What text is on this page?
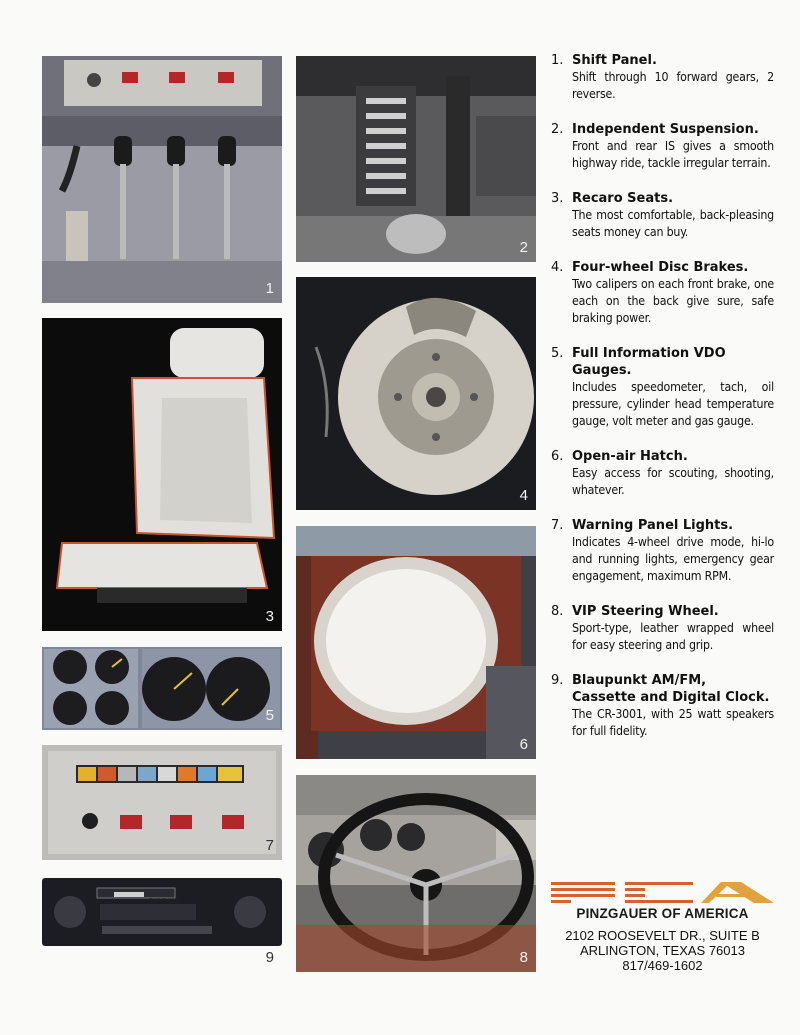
1
2
3
4
5
6
7
8
BLAUPUNKT
9
1. Shift Panel.
Shift through 10 forward gears, 2 reverse.
2. Independent Suspension.
Front and rear IS gives a smooth highway ride, tackle irregular terrain.
3. Recaro Seats.
The most comfortable, back-pleasing seats money can buy.
4. Four-wheel Disc Brakes.
Two calipers on each front brake, one each on the back give sure, safe braking power.
5. Full Information VDO Gauges.
Includes speedometer, tach, oil pressure, cylinder head temperature gauge, volt meter and gas gauge.
6. Open-air Hatch.
Easy access for scouting, shooting, whatever.
7. Warning Panel Lights.
Indicates 4-wheel drive mode, hi-lo and running lights, emergency gear engagement, maximum RPM.
8. VIP Steering Wheel.
Sport-type, leather wrapped wheel for easy steering and grip.
9. Blaupunkt AM/FM, Cassette and Digital Clock.
The CR-3001, with 25 watt speakers for full fidelity.
PINZGAUER OF AMERICA
2102 ROOSEVELT DR., SUITE B
ARLINGTON, TEXAS 76013
817/469-1602
